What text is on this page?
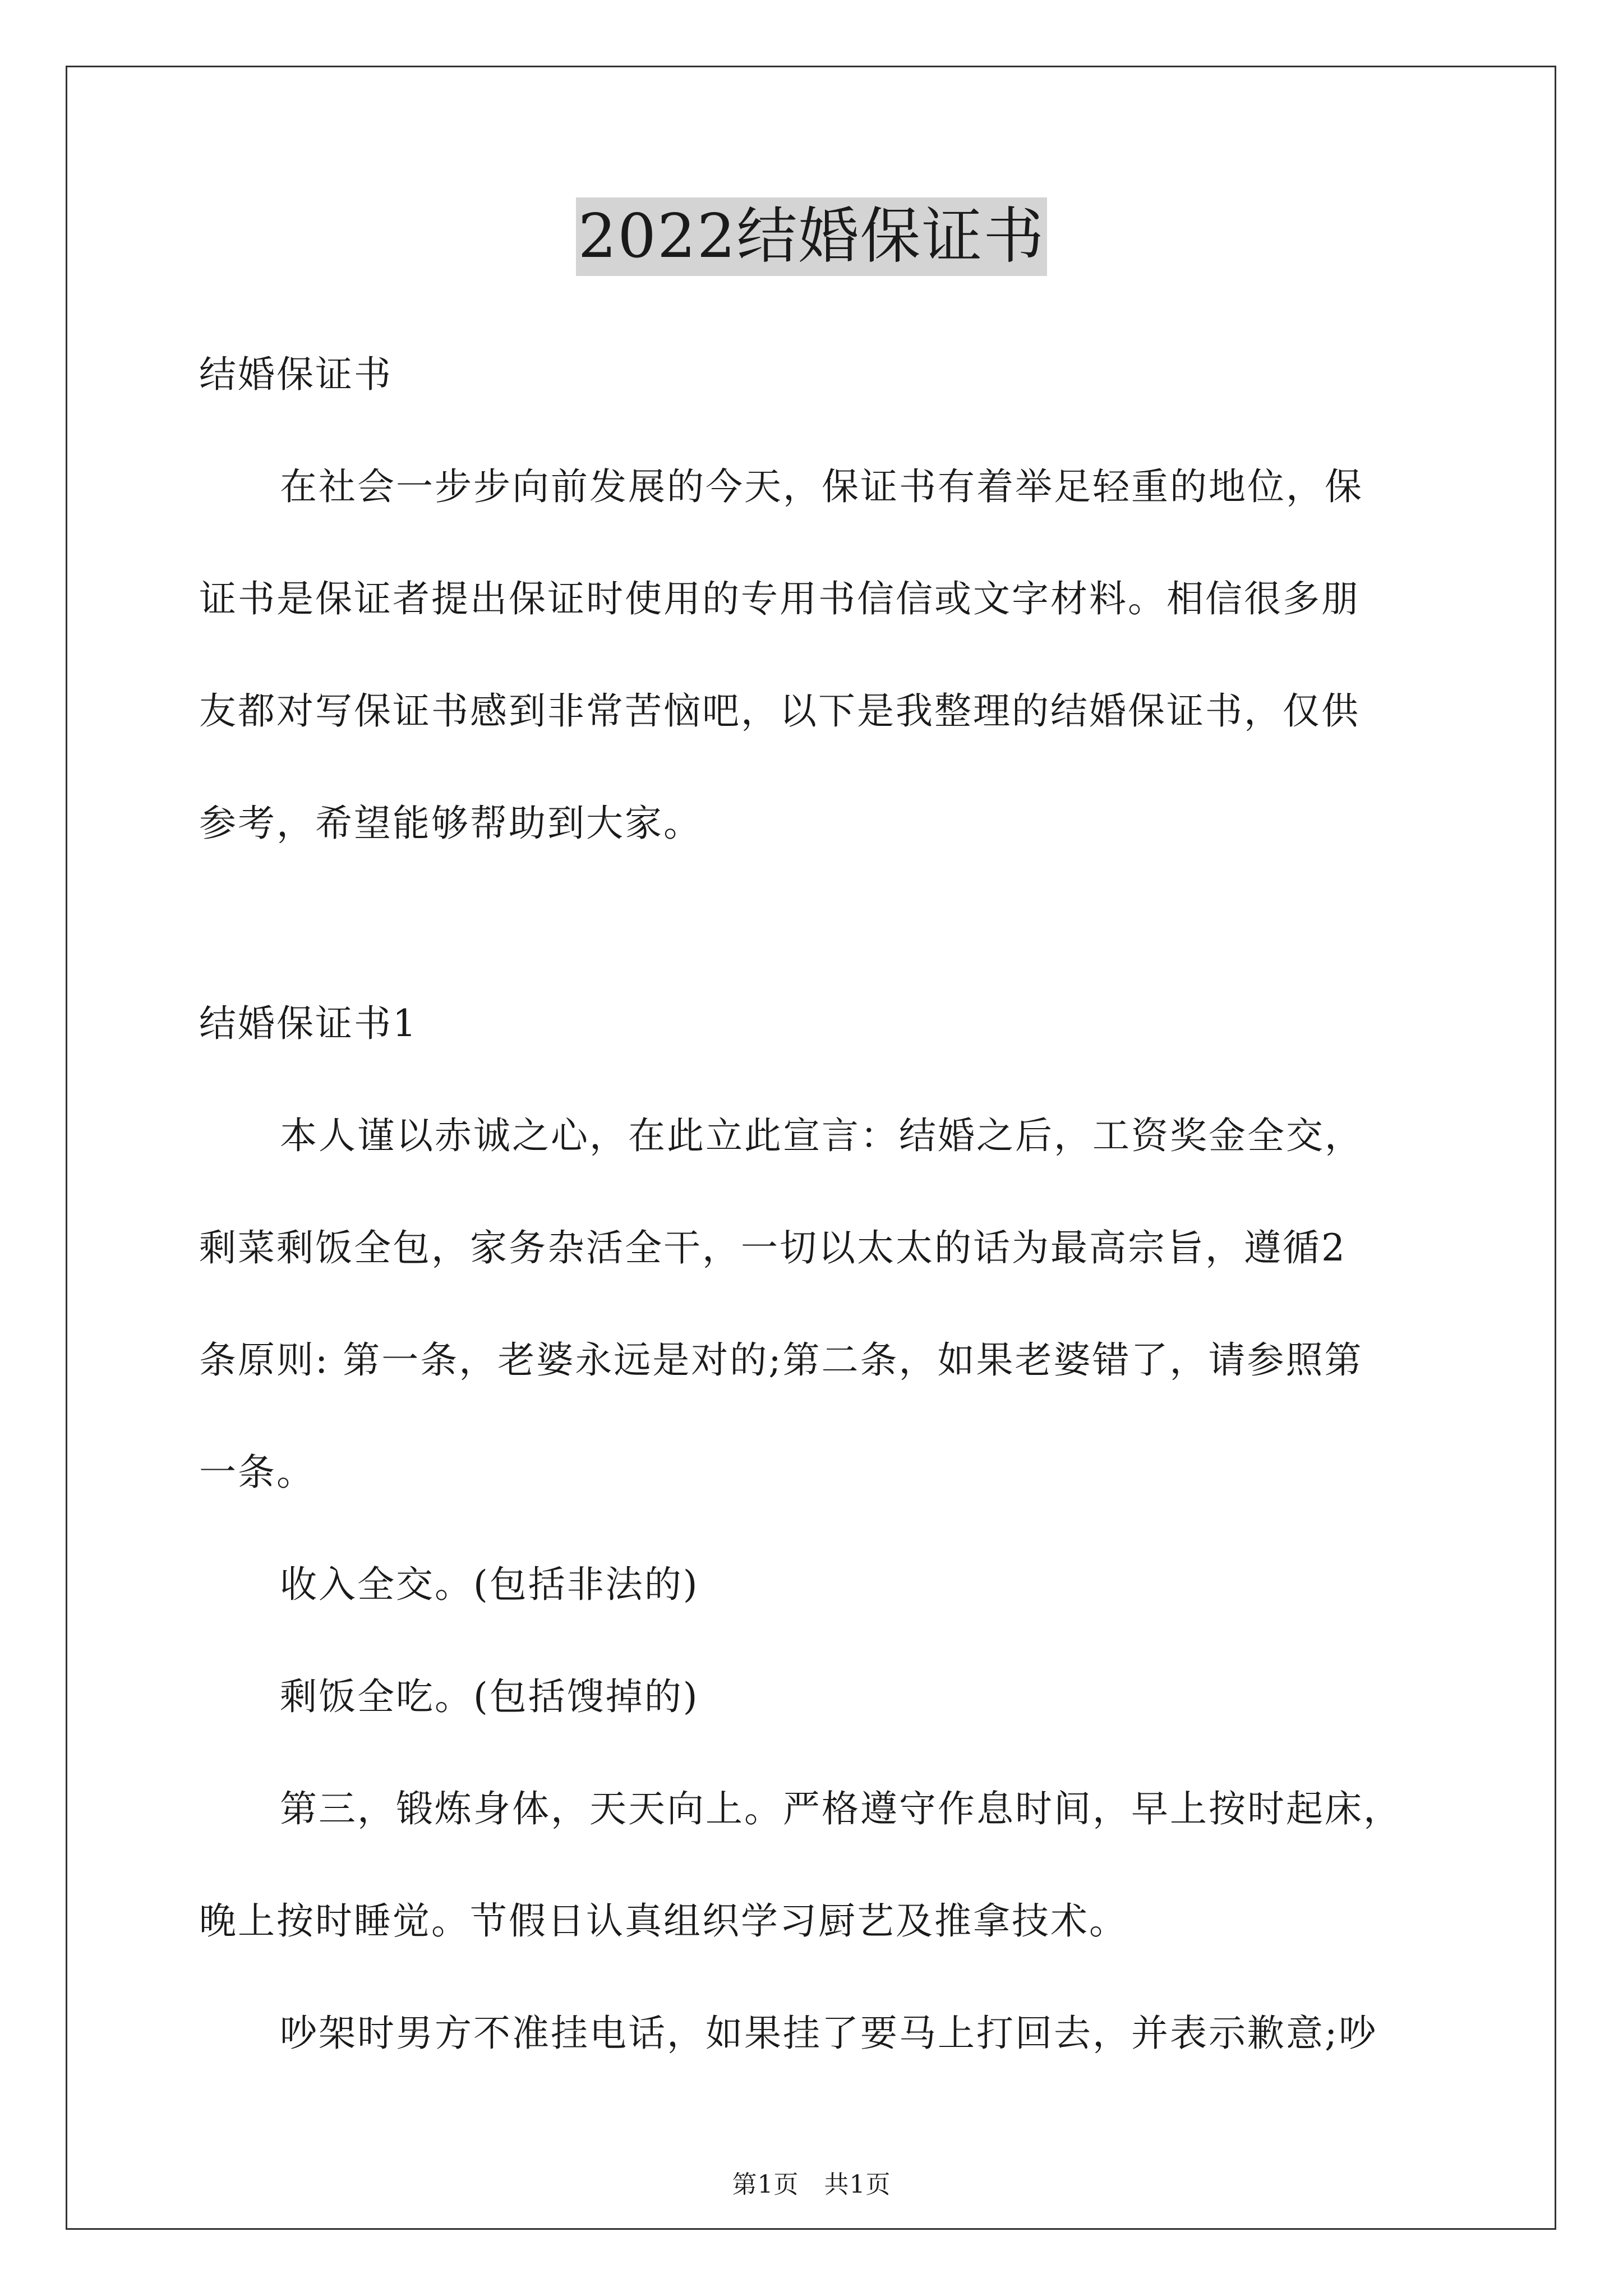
2022结婚保证书
结婚保证书
在社会一步步向前发展的今天，保证书有着举足轻重的地位，保
证书是保证者提出保证时使用的专用书信信或文字材料。相信很多朋
友都对写保证书感到非常苦恼吧，以下是我整理的结婚保证书，仅供
参考，希望能够帮助到大家。
结婚保证书1
本人谨以赤诚之心，在此立此宣言：结婚之后，工资奖金全交，
剩菜剩饭全包，家务杂活全干，一切以太太的话为最高宗旨，遵循2
条原则: 第一条，老婆永远是对的;第二条，如果老婆错了，请参照第
一条。
收入全交。(包括非法的)
剩饭全吃。(包括馊掉的)
第三，锻炼身体，天天向上。严格遵守作息时间，早上按时起床，
晚上按时睡觉。节假日认真组织学习厨艺及推拿技术。
吵架时男方不准挂电话，如果挂了要马上打回去，并表示歉意;吵
第1页　共1页
